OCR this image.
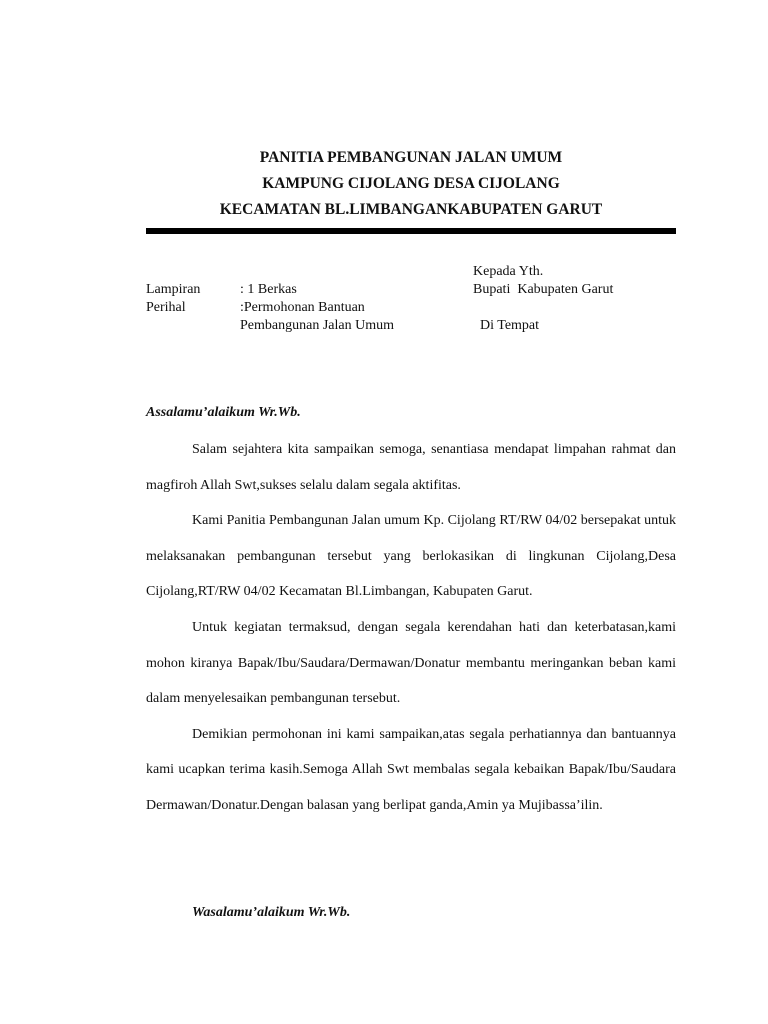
PANITIA PEMBANGUNAN JALAN UMUM
KAMPUNG CIJOLANG DESA CIJOLANG
KECAMATAN BL.LIMBANGANKABUPATEN GARUT
Lampiran	: 1 Berkas
Perihal	:Permohonan Bantuan
Pembangunan Jalan Umum
Kepada Yth.
Bupati  Kabupaten Garut
Di Tempat
Assalamu’alaikum Wr.Wb.

Salam sejahtera kita sampaikan semoga, senantiasa mendapat limpahan rahmat dan magfiroh Allah Swt,sukses selalu dalam segala aktifitas.

Kami Panitia Pembangunan Jalan umum Kp. Cijolang RT/RW 04/02 bersepakat untuk melaksanakan pembangunan tersebut yang berlokasikan di lingkunan Cijolang,Desa Cijolang,RT/RW 04/02 Kecamatan Bl.Limbangan, Kabupaten Garut.

Untuk kegiatan termaksud, dengan segala kerendahan hati dan keterbatasan,kami mohon kiranya Bapak/Ibu/Saudara/Dermawan/Donatur membantu meringankan beban kami dalam menyelesaikan pembangunan tersebut.

Demikian permohonan ini kami sampaikan,atas segala perhatiannya dan bantuannya kami ucapkan terima kasih.Semoga Allah Swt membalas segala kebaikan Bapak/Ibu/Saudara Dermawan/Donatur.Dengan balasan yang berlipat ganda,Amin ya Mujibassa’ilin.

Wasalamu’alaikum Wr.Wb.
